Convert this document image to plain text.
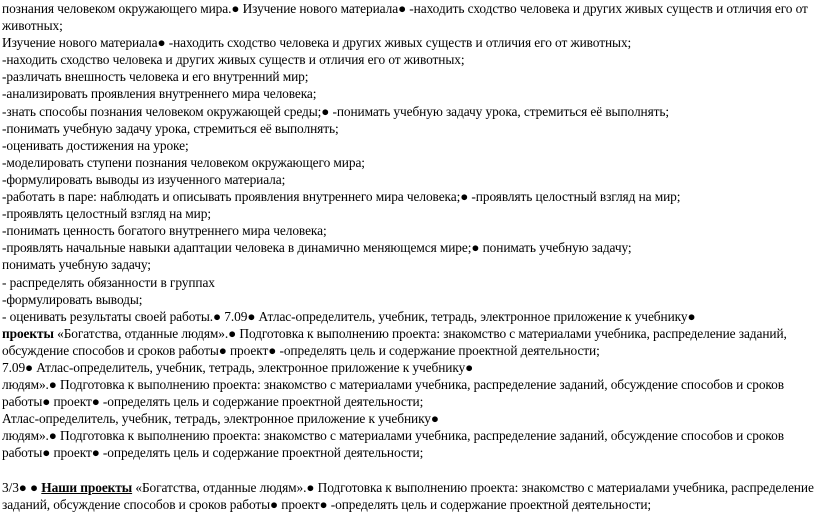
познания человеком окружающего мира.● Изучение нового материала● -находить сходство человека и других живых существ и отличия его от
животных;
Изучение нового материала● -находить сходство человека и других живых существ и отличия его от животных;
-находить сходство человека и других живых существ и отличия его от животных;
-различать внешность человека и его внутренний мир;
-анализировать проявления внутреннего мира человека;
-знать способы познания человеком окружающей среды;● -понимать учебную задачу урока, стремиться её выполнять;
-понимать учебную задачу урока, стремиться её выполнять;
-оценивать достижения на уроке;
-моделировать ступени познания человеком окружающего мира;
-формулировать выводы из изученного материала;
-работать в паре: наблюдать и описывать проявления внутреннего мира человека;● -проявлять целостный взгляд на мир;
-проявлять целостный взгляд на мир;
-понимать ценность богатого внутреннего мира человека;
-проявлять начальные навыки адаптации человека в динамично меняющемся мире;● понимать учебную задачу;
понимать учебную задачу;
- распределять обязанности в группах
-формулировать выводы;
- оценивать результаты своей работы.● 7.09● Атлас-определитель, учебник, тетрадь, электронное приложение к учебнику●
проекты «Богатства, отданные людям».● Подготовка к выполнению проекта: знакомство с материалами учебника, распределение заданий,
обсуждение способов и сроков работы● проект● -определять цель и содержание проектной деятельности;
7.09● Атлас-определитель, учебник, тетрадь, электронное приложение к учебнику●
людям».● Подготовка к выполнению проекта: знакомство с материалами учебника, распределение заданий, обсуждение способов и сроков
работы● проект● -определять цель и содержание проектной деятельности;
Атлас-определитель, учебник, тетрадь, электронное приложение к учебнику●
людям».● Подготовка к выполнению проекта: знакомство с материалами учебника, распределение заданий, обсуждение способов и сроков
работы● проект● -определять цель и содержание проектной деятельности;
3/3● ● Наши проекты «Богатства, отданные людям».● Подготовка к выполнению проекта: знакомство с материалами учебника, распределение
заданий, обсуждение способов и сроков работы● проект● -определять цель и содержание проектной деятельности;
